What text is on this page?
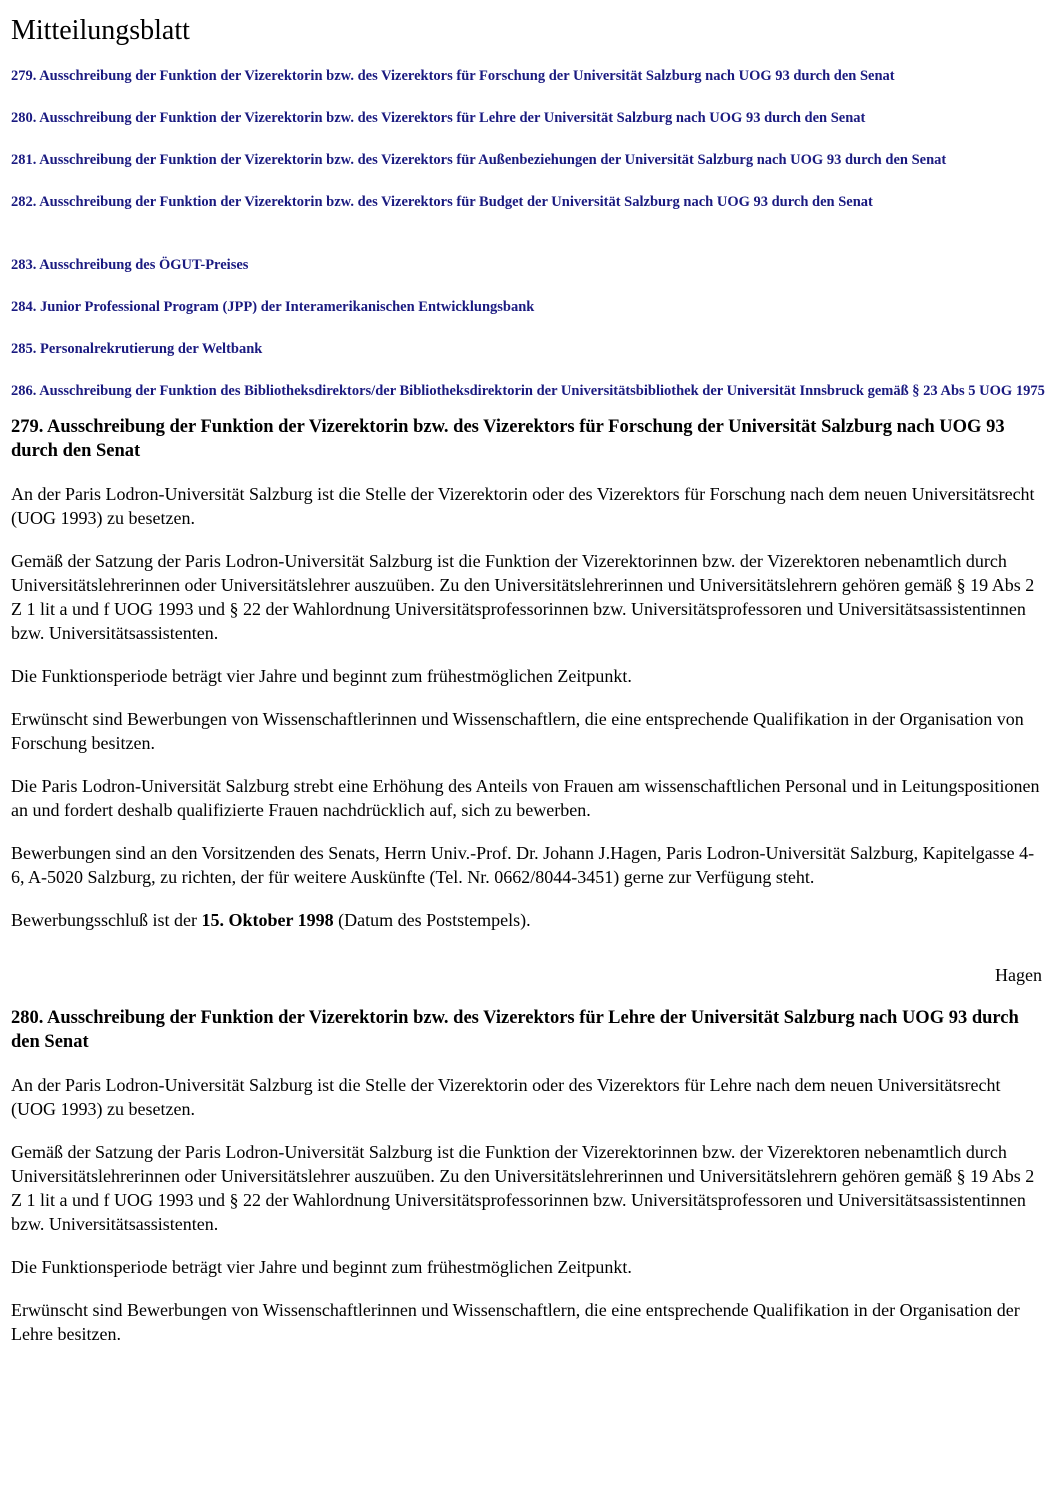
Mitteilungsblatt
279. Ausschreibung der Funktion der Vizerektorin bzw. des Vizerektors für Forschung der Universität Salzburg nach UOG 93 durch den Senat
280. Ausschreibung der Funktion der Vizerektorin bzw. des Vizerektors für Lehre der Universität Salzburg nach UOG 93 durch den Senat
281. Ausschreibung der Funktion der Vizerektorin bzw. des Vizerektors für Außenbeziehungen der Universität Salzburg nach UOG 93 durch den Senat
282. Ausschreibung der Funktion der Vizerektorin bzw. des Vizerektors für Budget der Universität Salzburg nach UOG 93 durch den Senat
283. Ausschreibung des ÖGUT-Preises
284. Junior Professional Program (JPP) der Interamerikanischen Entwicklungsbank
285. Personalrekrutierung der Weltbank
286. Ausschreibung der Funktion des Bibliotheksdirektors/der Bibliotheksdirektorin der Universitätsbibliothek der Universität Innsbruck gemäß § 23 Abs 5 UOG 1975
279. Ausschreibung der Funktion der Vizerektorin bzw. des Vizerektors für Forschung der Universität Salzburg nach UOG 93 durch den Senat

An der Paris Lodron-Universität Salzburg ist die Stelle der Vizerektorin oder des Vizerektors für Forschung nach dem neuen Universitätsrecht (UOG 1993) zu besetzen.

Gemäß der Satzung der Paris Lodron-Universität Salzburg ist die Funktion der Vizerektorinnen bzw. der Vizerektoren nebenamtlich durch Universitätslehrerinnen oder Universitätslehrer auszuüben. Zu den Universitätslehrerinnen und Universitätslehrern gehören gemäß § 19 Abs 2 Z 1 lit a und f UOG 1993 und § 22 der Wahlordnung Universitätsprofessorinnen bzw. Universitätsprofessoren und Universitätsassistentinnen bzw. Universitätsassistenten.

Die Funktionsperiode beträgt vier Jahre und beginnt zum frühestmöglichen Zeitpunkt.

Erwünscht sind Bewerbungen von Wissenschaftlerinnen und Wissenschaftlern, die eine entsprechende Qualifikation in der Organisation von Forschung besitzen.

Die Paris Lodron-Universität Salzburg strebt eine Erhöhung des Anteils von Frauen am wissenschaftlichen Personal und in Leitungspositionen an und fordert deshalb qualifizierte Frauen nachdrücklich auf, sich zu bewerben.

Bewerbungen sind an den Vorsitzenden des Senats, Herrn Univ.-Prof. Dr. Johann J.Hagen, Paris Lodron-Universität Salzburg, Kapitelgasse 4-6, A-5020 Salzburg, zu richten, der für weitere Auskünfte (Tel. Nr. 0662/8044-3451) gerne zur Verfügung steht.

Bewerbungsschluß ist der 15. Oktober 1998 (Datum des Poststempels).

Hagen
280. Ausschreibung der Funktion der Vizerektorin bzw. des Vizerektors für Lehre der Universität Salzburg nach UOG 93 durch den Senat

An der Paris Lodron-Universität Salzburg ist die Stelle der Vizerektorin oder des Vizerektors für Lehre nach dem neuen Universitätsrecht (UOG 1993) zu besetzen.

Gemäß der Satzung der Paris Lodron-Universität Salzburg ist die Funktion der Vizerektorinnen bzw. der Vizerektoren nebenamtlich durch Universitätslehrerinnen oder Universitätslehrer auszuüben. Zu den Universitätslehrerinnen und Universitätslehrern gehören gemäß § 19 Abs 2 Z 1 lit a und f UOG 1993 und § 22 der Wahlordnung Universitätsprofessorinnen bzw. Universitätsprofessoren und Universitätsassistentinnen bzw. Universitätsassistenten.

Die Funktionsperiode beträgt vier Jahre und beginnt zum frühestmöglichen Zeitpunkt.

Erwünscht sind Bewerbungen von Wissenschaftlerinnen und Wissenschaftlern, die eine entsprechende Qualifikation in der Organisation der Lehre besitzen.
